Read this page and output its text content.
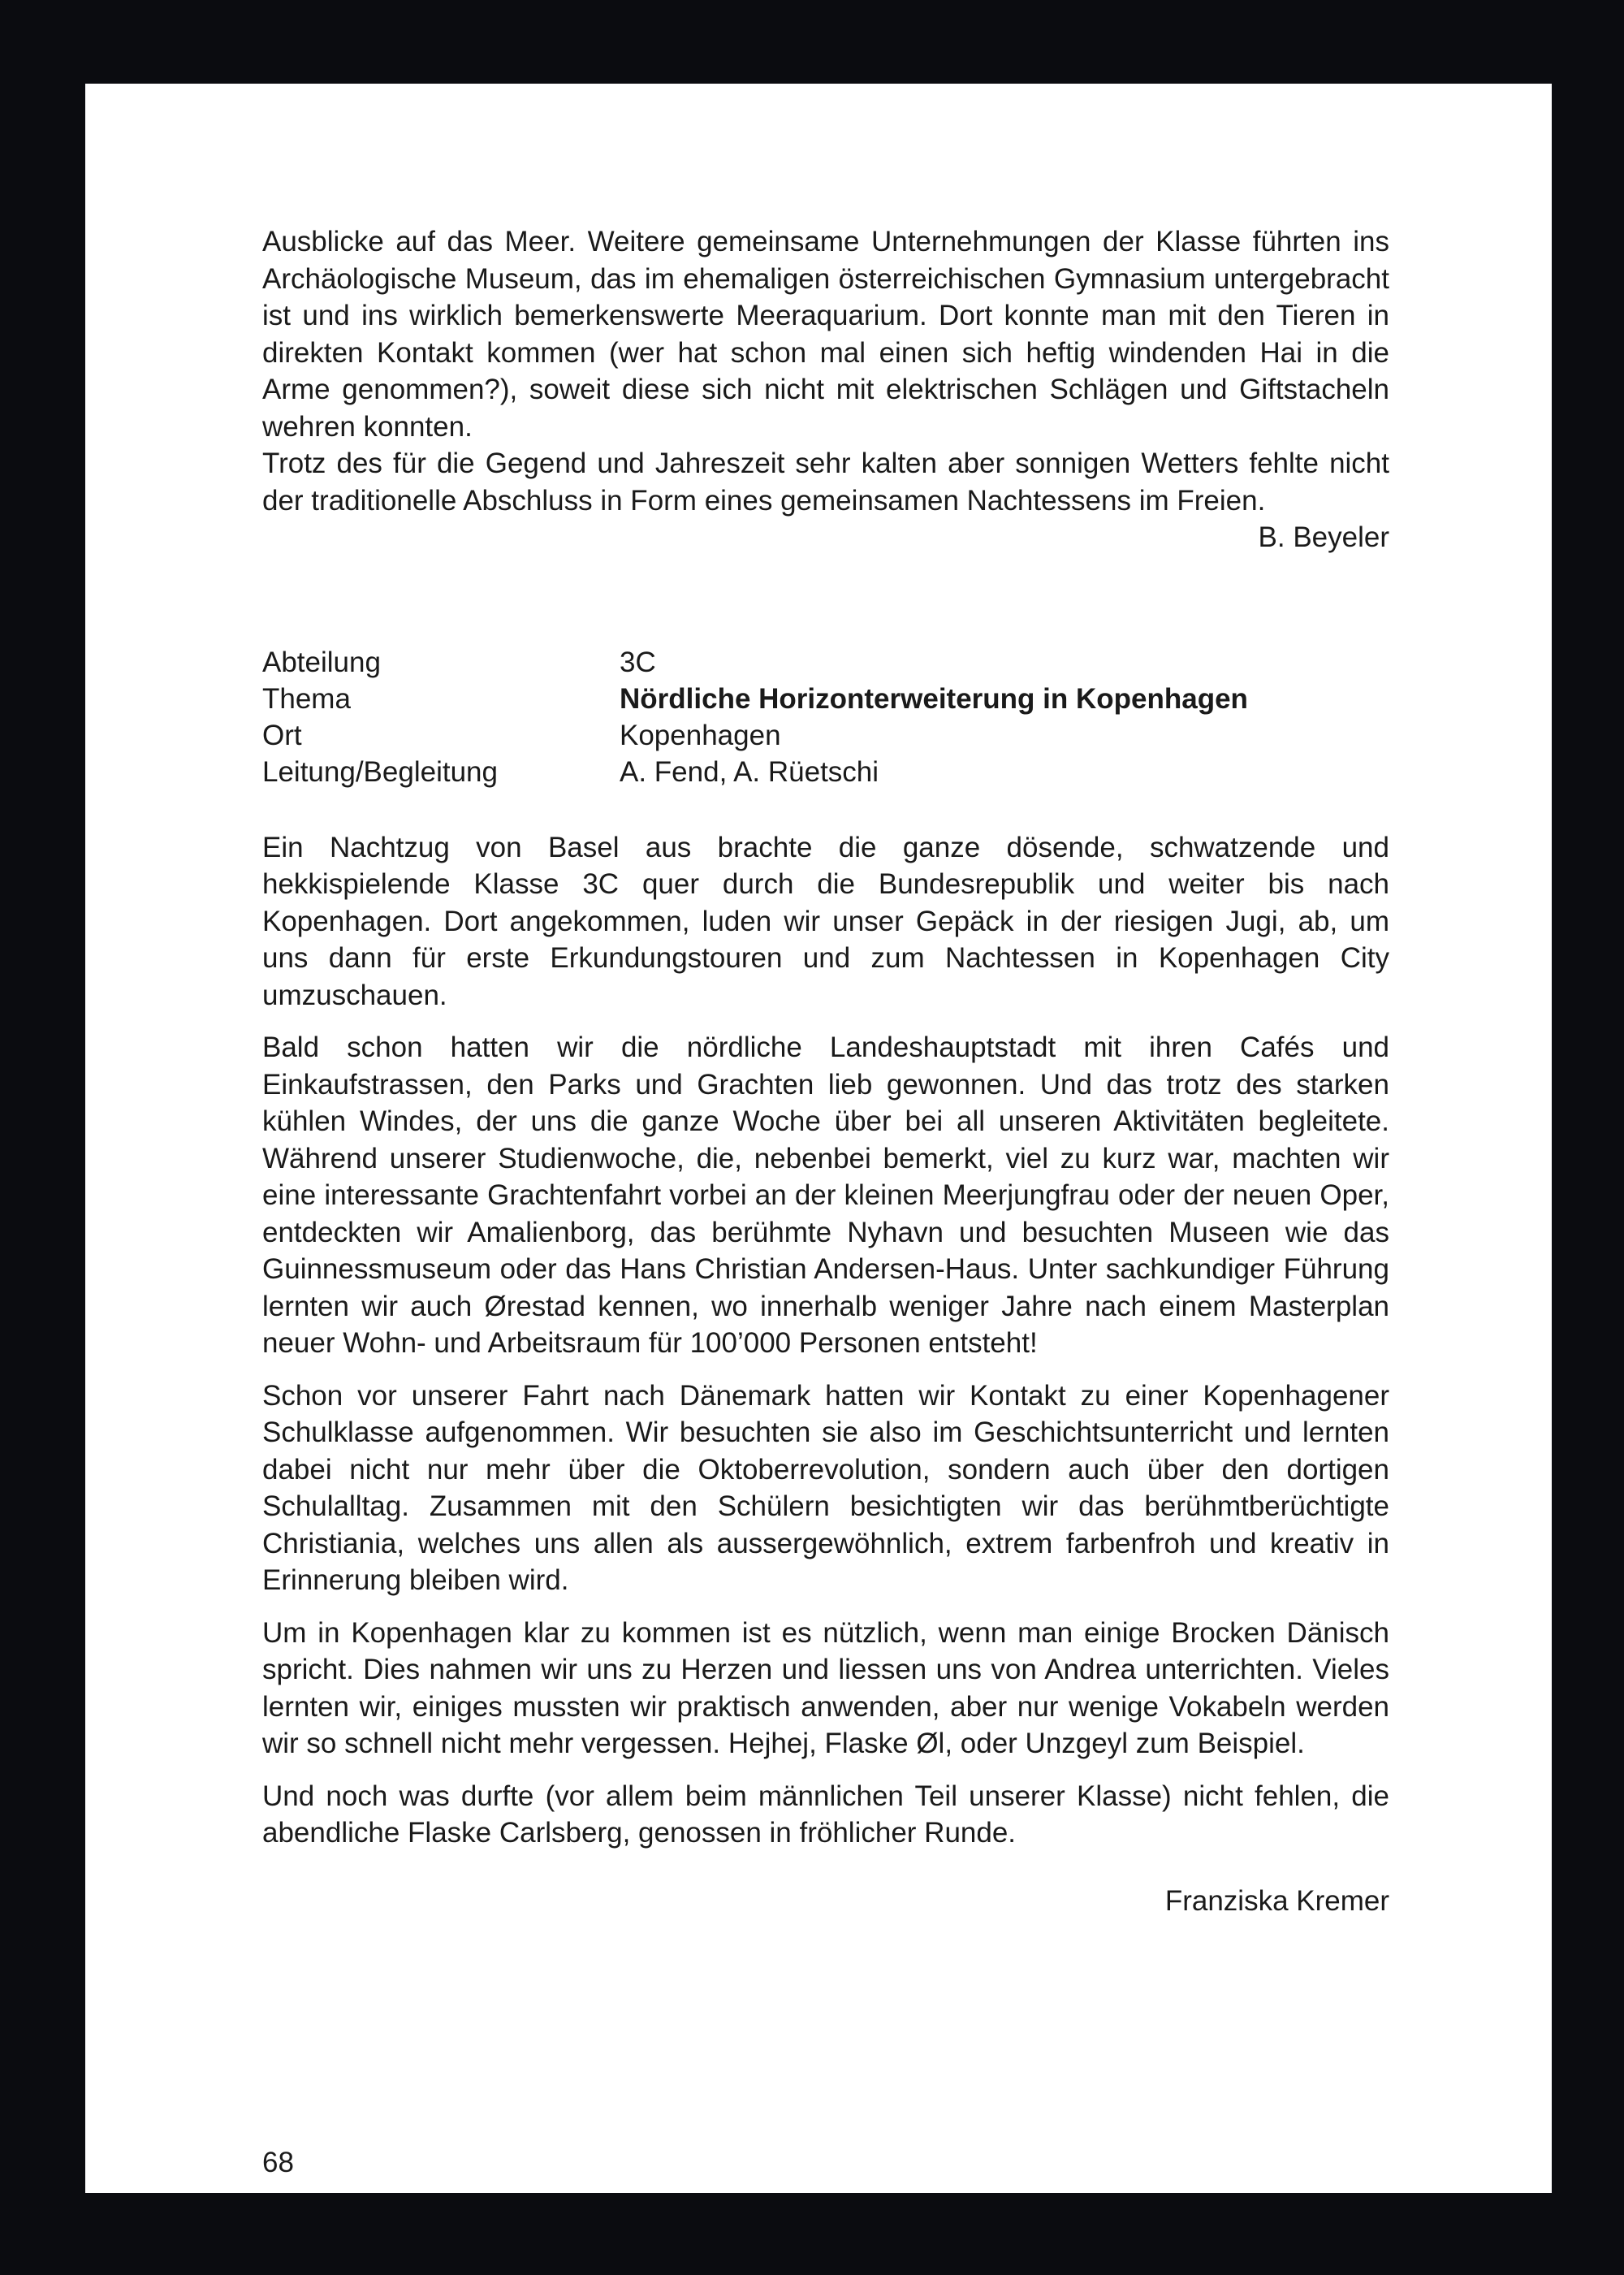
Ausblicke auf das Meer. Weitere gemeinsame Unternehmungen der Klasse führten ins Archäologische Museum, das im ehemaligen österreichischen Gymnasium untergebracht ist und ins wirklich bemerkenswerte Meeraquarium. Dort konnte man mit den Tieren in direkten Kontakt kommen (wer hat schon mal einen sich heftig windenden Hai in die Arme genommen?), soweit diese sich nicht mit elektrischen Schlägen und Giftstacheln wehren konnten.

Trotz des für die Gegend und Jahreszeit sehr kalten aber sonnigen Wetters fehlte nicht der traditionelle Abschluss in Form eines gemeinsamen Nachtessens im Freien.

B. Beyeler

Abteilung	3C
Thema	Nördliche Horizonterweiterung in Kopenhagen
Ort	Kopenhagen
Leitung/Begleitung	A. Fend, A. Rüetschi

Ein Nachtzug von Basel aus brachte die ganze dösende, schwatzende und hekkispielende Klasse 3C quer durch die Bundesrepublik und weiter bis nach Kopenhagen. Dort angekommen, luden wir unser Gepäck in der riesigen Jugi, ab, um uns dann für erste Erkundungstouren und zum Nachtessen in Kopenhagen City umzuschauen.

Bald schon hatten wir die nördliche Landeshauptstadt mit ihren Cafés und Einkaufstrassen, den Parks und Grachten lieb gewonnen. Und das trotz des starken kühlen Windes, der uns die ganze Woche über bei all unseren Aktivitäten begleitete. Während unserer Studienwoche, die, nebenbei bemerkt, viel zu kurz war, machten wir eine interessante Grachtenfahrt vorbei an der kleinen Meerjungfrau oder der neuen Oper, entdeckten wir Amalienborg, das berühmte Nyhavn und besuchten Museen wie das Guinnessmuseum oder das Hans Christian Andersen-Haus. Unter sachkundiger Führung lernten wir auch Ørestad kennen, wo innerhalb weniger Jahre nach einem Masterplan neuer Wohn- und Arbeitsraum für 100’000 Personen entsteht!

Schon vor unserer Fahrt nach Dänemark hatten wir Kontakt zu einer Kopenhagener Schulklasse aufgenommen. Wir besuchten sie also im Geschichtsunterricht und lernten dabei nicht nur mehr über die Oktoberrevolution, sondern auch über den dortigen Schulalltag. Zusammen mit den Schülern besichtigten wir das berühmtberüchtigte Christiania, welches uns allen als aussergewöhnlich, extrem farbenfroh und kreativ in Erinnerung bleiben wird.

Um in Kopenhagen klar zu kommen ist es nützlich, wenn man einige Brocken Dänisch spricht. Dies nahmen wir uns zu Herzen und liessen uns von Andrea unterrichten. Vieles lernten wir, einiges mussten wir praktisch anwenden, aber nur wenige Vokabeln werden wir so schnell nicht mehr vergessen. Hejhej, Flaske Øl, oder Unzgeyl zum Beispiel.

Und noch was durfte (vor allem beim männlichen Teil unserer Klasse) nicht fehlen, die abendliche Flaske Carlsberg, genossen in fröhlicher Runde.

Franziska Kremer

68
